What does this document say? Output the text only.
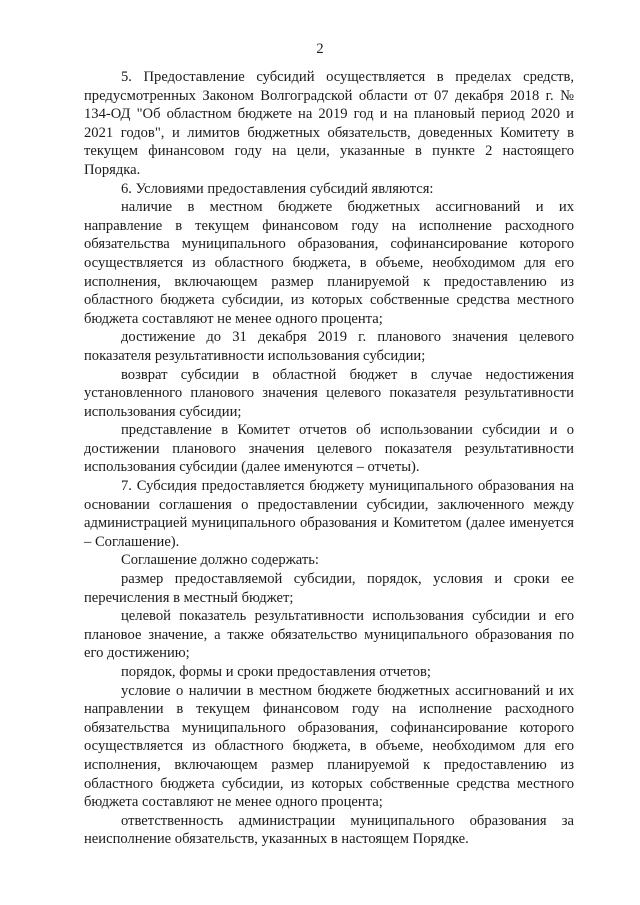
2

5. Предоставление субсидий осуществляется в пределах средств, предусмотренных Законом Волгоградской области от 07 декабря 2018 г. № 134-ОД "Об областном бюджете на 2019 год и на плановый период 2020 и 2021 годов", и лимитов бюджетных обязательств, доведенных Комитету в текущем финансовом году на цели, указанные в пункте 2 настоящего Порядка.

6. Условиями предоставления субсидий являются:

наличие в местном бюджете бюджетных ассигнований и их направление в текущем финансовом году на исполнение расходного обязательства муниципального образования, софинансирование которого осуществляется из областного бюджета, в объеме, необходимом для его исполнения, включающем размер планируемой к предоставлению из областного бюджета субсидии, из которых собственные средства местного бюджета составляют не менее одного процента;

достижение до 31 декабря 2019 г. планового значения целевого показателя результативности использования субсидии;

возврат субсидии в областной бюджет в случае недостижения установленного планового значения целевого показателя результативности использования субсидии;

представление в Комитет отчетов об использовании субсидии и о достижении планового значения целевого показателя результативности использования субсидии (далее именуются – отчеты).

7. Субсидия предоставляется бюджету муниципального образования на основании соглашения о предоставлении субсидии, заключенного между администрацией муниципального образования и Комитетом (далее именуется – Соглашение).

Соглашение должно содержать:

размер предоставляемой субсидии, порядок, условия и сроки ее перечисления в местный бюджет;

целевой показатель результативности использования субсидии и его плановое значение, а также обязательство муниципального образования по его достижению;

порядок, формы и сроки предоставления отчетов;

условие о наличии в местном бюджете бюджетных ассигнований и их направлении в текущем финансовом году на исполнение расходного обязательства муниципального образования, софинансирование которого осуществляется из областного бюджета, в объеме, необходимом для его исполнения, включающем размер планируемой к предоставлению из областного бюджета субсидии, из которых собственные средства местного бюджета составляют не менее одного процента;

ответственность администрации муниципального образования за неисполнение обязательств, указанных в настоящем Порядке.
